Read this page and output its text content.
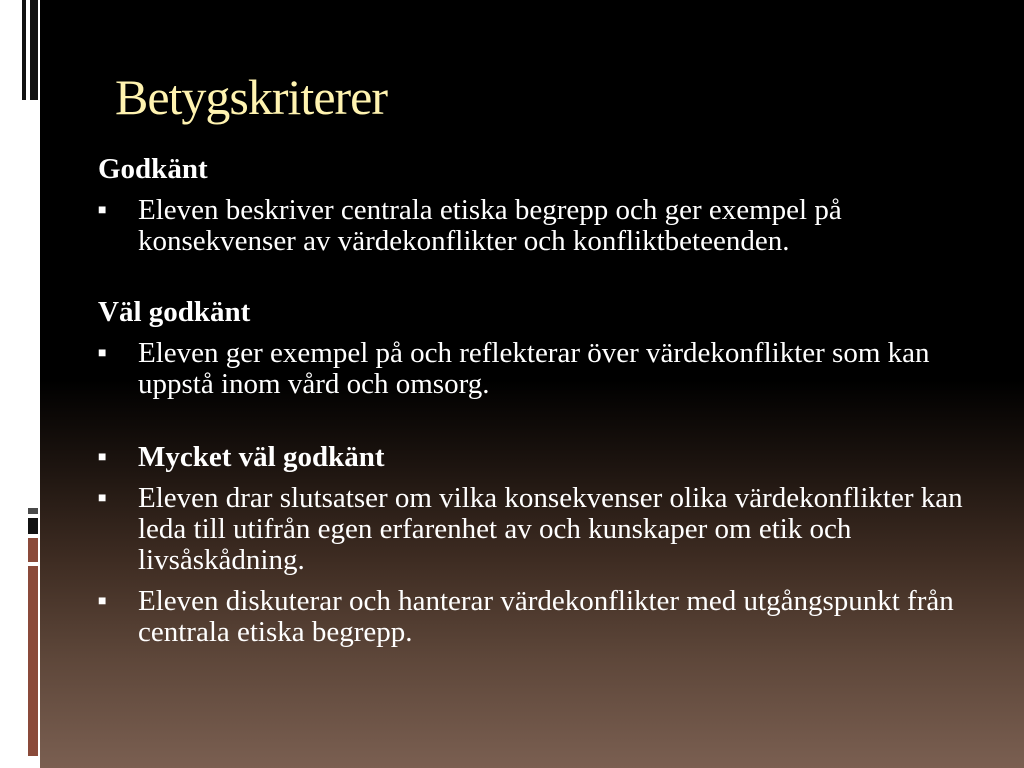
Betygskriterer

Godkänt

■ Eleven beskriver centrala etiska begrepp och ger exempel på konsekvenser av värdekonflikter och konfliktbeteenden.

Väl godkänt

■ Eleven ger exempel på och reflekterar över värdekonflikter som kan uppstå inom vård och omsorg.

■ Mycket väl godkänt

■ Eleven drar slutsatser om vilka konsekvenser olika värdekonflikter kan leda till utifrån egen erfarenhet av och kunskaper om etik och livsåskådning.

■ Eleven diskuterar och hanterar värdekonflikter med utgångspunkt från centrala etiska begrepp.
